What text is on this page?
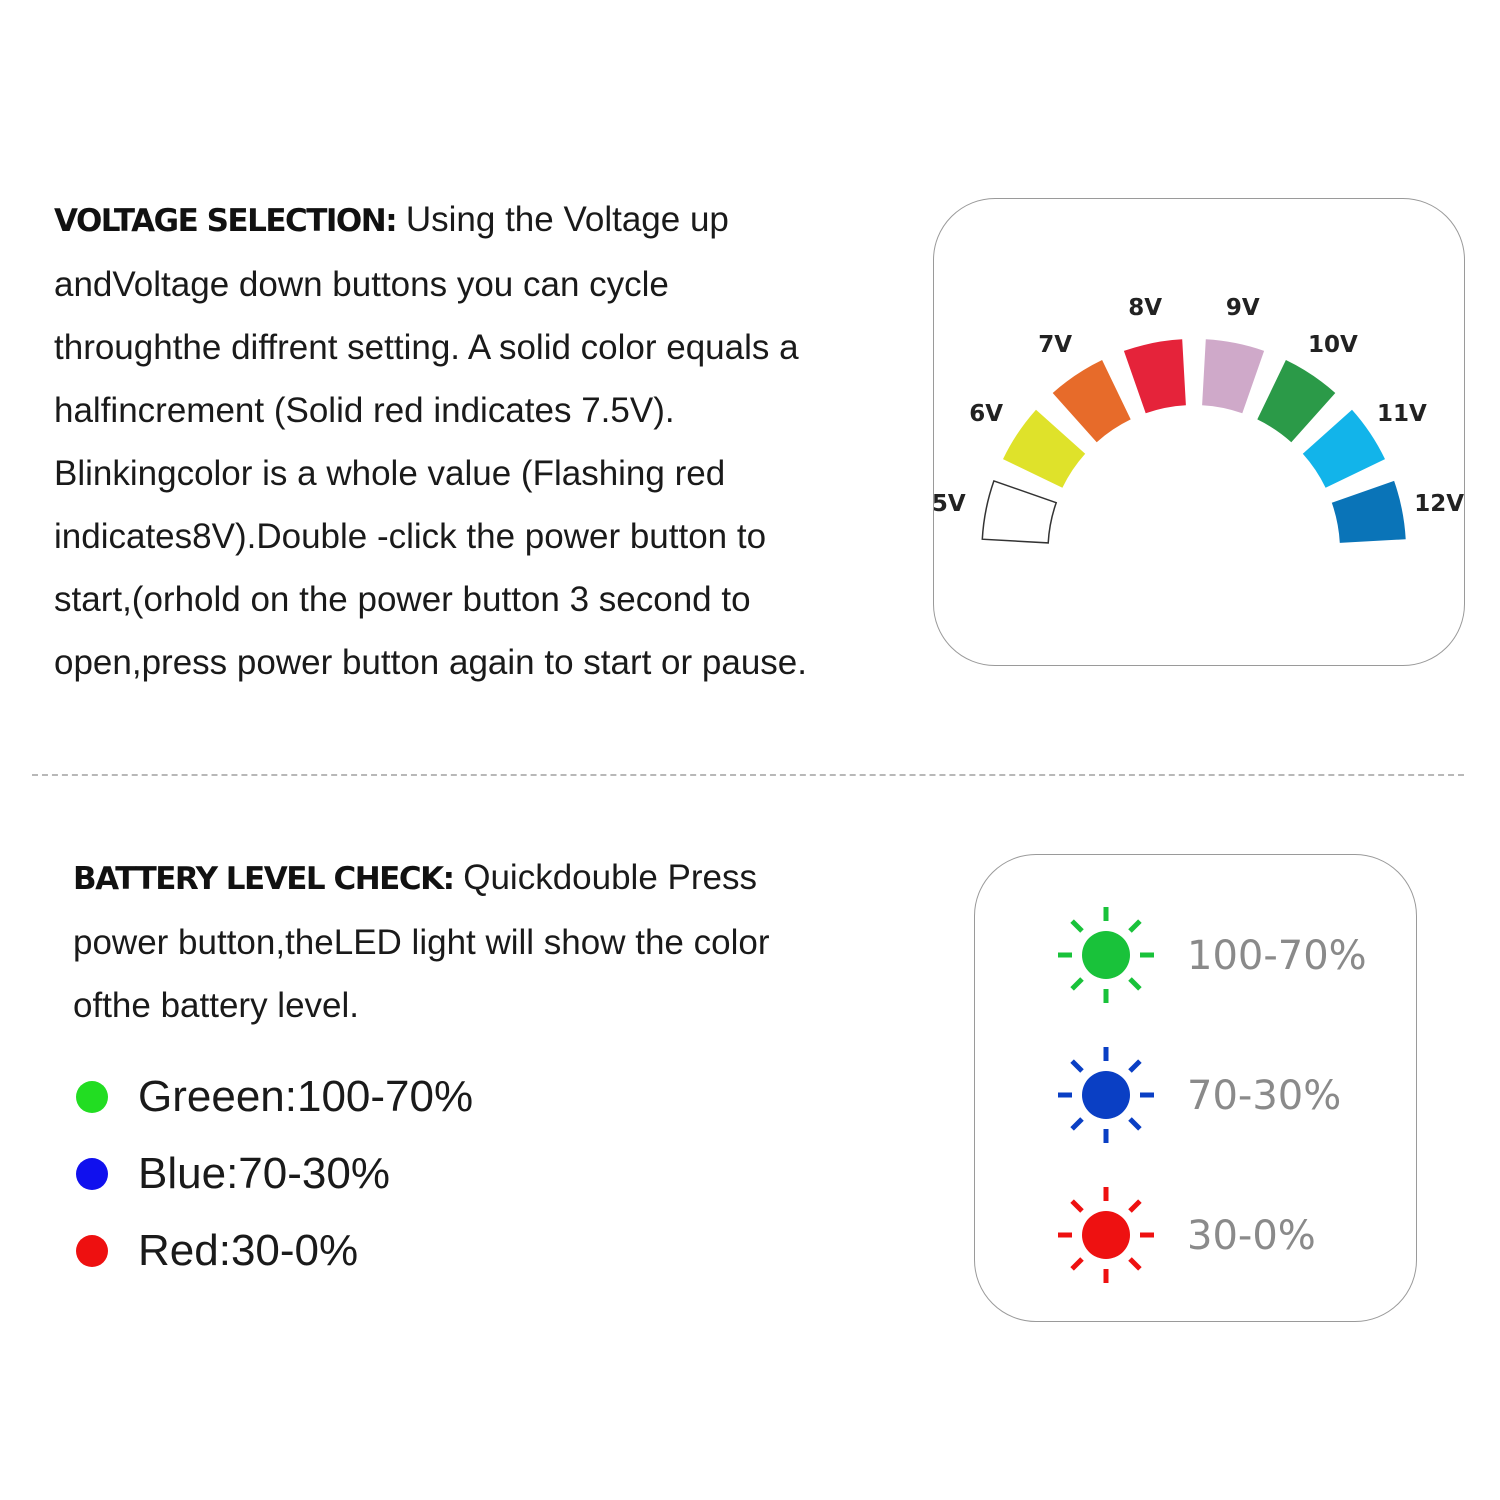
VOLTAGE SELECTION: Using the Voltage up
andVoltage down buttons you can cycle
throughthe diffrent setting. A solid color equals a
halfincrement (Solid red indicates 7.5V).
Blinkingcolor is a whole value (Flashing red
indicates8V).Double -click the power button to
start,(orhold on the power button 3 second to
open,press power button again to start or pause.
5V
6V
7V
8V	9V
10V
11V
12V
BATTERY LEVEL CHECK: Quickdouble Press
power button,theLED light will show the color
ofthe battery level.
Greeen:100-70%
Blue:70-30%
Red:30-0%
100-70%
70-30%
30-0%
